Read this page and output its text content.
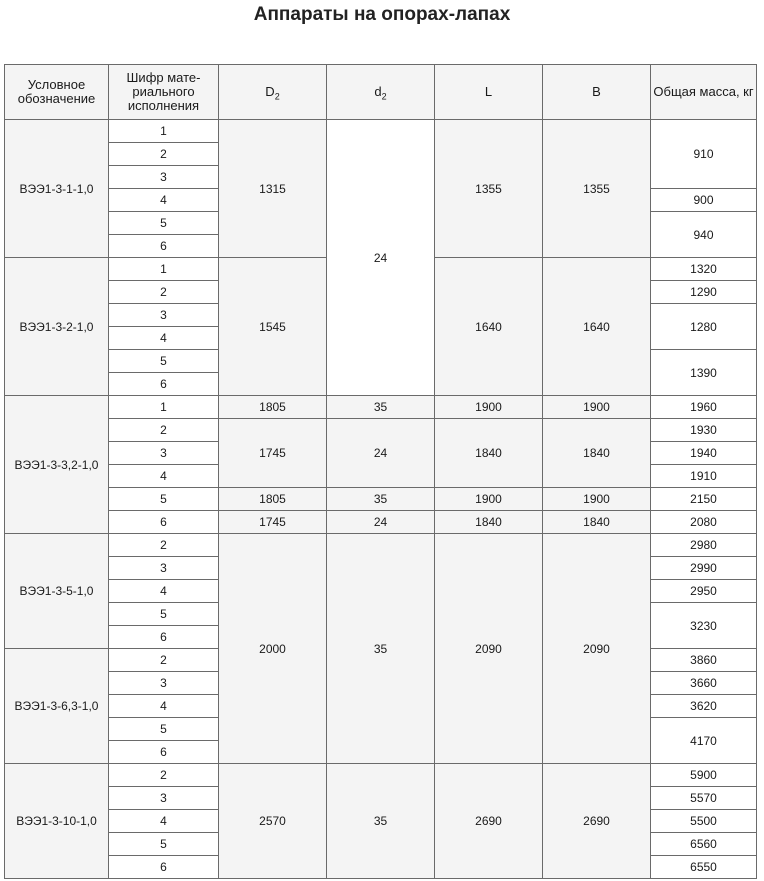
Аппараты на опорах-лапах
Условное обозначение	Шифр мате-риального исполнения	$D_2$	$d_2$	L	B	Общая масса, кг
ВЭЭ1-3-1-1,0	1	1315	24	1355	1355	910
	2					
	3					
	4					900
	5					940
	6					
ВЭЭ1-3-2-1,0	1	1545		1640	1640	1320
	2					1290
	3					1280
	4					
	5					1390
	6					
ВЭЭ1-3-3,2-1,0	1	1805	35	1900	1900	1960
	2	1745	24	1840	1840	1930
	3					1940
	4					1910
	5	1805	35	1900	1900	2150
	6	1745	24	1840	1840	2080
ВЭЭ1-3-5-1,0	2	2000	35	2090	2090	2980
	3					2990
	4					2950
	5					3230
	6					
ВЭЭ1-3-6,3-1,0	2					3860
	3					3660
	4					3620
	5					4170
	6					
ВЭЭ1-3-10-1,0	2	2570	35	2690	2690	5900
	3					5570
	4					5500
	5					6560
	6					6550
